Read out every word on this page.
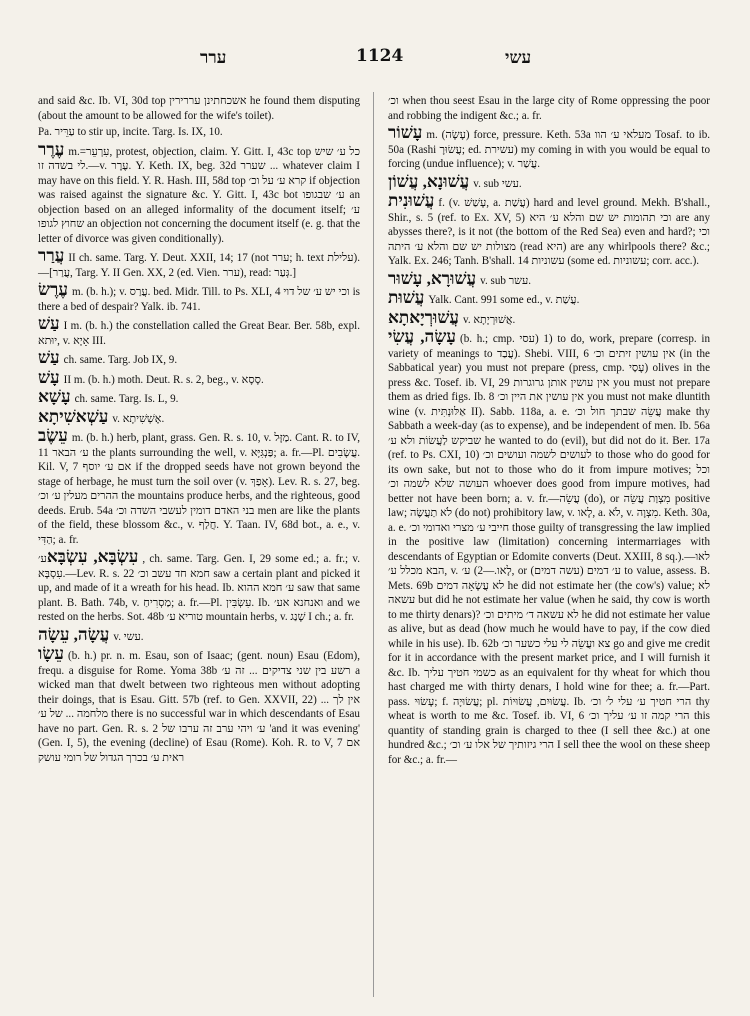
ערר	1124	עשי

and said &c. Ib. VI, 30d top אשכחתינן עררירין he found them disputing (about the amount to be allowed for the wife's toilet).

Pa. עַרֵּיר to stir up, incite. Targ. Is. IX, 10.

עֶרֶר m.=עִרְעֵר, protest, objection, claim. Y. Gitt. I, 43c top כל ע׳ שיש לי בשדה זו.—v. עֶרֶר. Y. Keth. IX, beg. 32d שערר ... whatever claim I may have on this field. Y. R. Hash. III, 58d top קרא ע׳ על וכ׳ if objection was raised against the signature &c. Y. Gitt. I, 43c bot ע׳ שבגופו an objection based on an alleged informality of the document itself; ע׳ שחוץ לגופו an objection not concerning the document itself (e. g. that the letter of divorce was given conditionally).

עֲרַר II ch. same. Targ. Y. Deut. XXII, 14; 17 (not ערר; h. text עלילת).—[עֲרַר, Targ. Y. II Gen. XX, 2 (ed. Vien. ערר), read: גְּעַר.]

עֶרֶשׂ m. (b. h.); v. עֲרַס. bed. Midr. Till. to Ps. XLI, 4 וכי יש ע׳ של דוי is there a bed of despair? Yalk. ib. 741.

עַשׁ I m. (b. h.) the constellation called the Great Bear. Ber. 58b, expl. יוּתא, v. אָיָא III.

עַשׁ ch. same. Targ. Job IX, 9.

עָשׁ II m. (b. h.) moth. Deut. R. s. 2, beg., v. סָסָא.

עָשָׁא ch. same. Targ. Is. L, 9.

עַשְׁאשִׁיתָא v. אֶשְׁשִׁיתָא.

עֵשֶׂב m. (b. h.) herb, plant, grass. Gen. R. s. 10, v. מַזָּל. Cant. R. to IV, 11 ע׳ הבאר the plants surrounding the well, v. פַּנְגִּיָּא; a. fr.—Pl. עֲשָׂבִים. Kil. V, 7 אם ע׳ יוסף if the dropped seeds have not grown beyond the stage of herbage, he must turn the soil over (v. אָפַךְ). Lev. R. s. 27, beg. ההרים מעלין ע׳ וכ׳ the mountains produce herbs, and the righteous, good deeds. Erub. 54a בני האדם דומין לעשבי השדה וכ׳ men are like the plants of the field, these blossom &c., v. חֲלַף. Y. Taan. IV, 68d bot., a. e., v. הַדִּי; a. fr.

עִשְׂבָּא, עִשְׂבָּאע׳, ch. same. Targ. Gen. I, 29 some ed.; a. fr.; v. עִסְבָּא.—Lev. R. s. 22 חמא חד עשב וכ׳ saw a certain plant and picked it up, and made of it a wreath for his head. Ib. ע׳ חמא ההוא saw that same plant. B. Bath. 74b, v. מַסְרִיחַ; a. fr.—Pl. עִשְׂבִּין. Ib. ואנחנא אע׳ and we rested on the herbs. Sot. 48b טוריא ע׳ mountain herbs, v. שָׁנַג I ch.; a. fr.

עֲשָׂה, עֵשָׂה v. עשי.

עֵשָׂו (b. h.) pr. n. m. Esau, son of Isaac; (gent. noun) Esau (Edom), frequ. a disguise for Rome. Yoma 38b רשע בין שני צדיקים ... זה ע׳ a wicked man that dwelt between two righteous men without adopting their doings, that is Esau. Gitt. 57b (ref. to Gen. XXVII, 22) ... אין לך מלחמה ... של ע׳ there is no successful war in which descendants of Esau have no part. Gen. R. s. 2 ע׳ ויהי ערב זה ערבו של 'and it was evening' (Gen. I, 5), the evening (decline) of Esau (Rome). Koh. R. to V, 7 אם ראית ע׳ בכרך הגדול של רומי עושק

וכ׳ when thou seest Esau in the large city of Rome oppressing the poor and robbing the indigent &c.; a. fr.

עָשׁוֹר m. (עָשָׂה) force, pressure. Keth. 53a מעלאי ע׳ הוו Tosaf. to ib. 50a (Rashi עֲשׂוּרָ; ed. עשירת) my coming in with you would be equal to forcing (undue influence); v. עֲשַׁר.

עֲשׁוּנָא, עֲשׁוֹן v. sub עשי.

עֲשׁוּנִית f. (v. עָשַׁשׁ, a. עֲשַׁת) hard and level ground. Mekh. B'shall., Shir., s. 5 (ref. to Ex. XV, 5) וכי תהומות יש שם והלא ע׳ היא are any abysses there?, is it not (the bottom of the Red Sea) even and hard?; וכי מצולות יש שם והלא ע׳ היתה (read היא) are any whirlpools there? &c.; Yalk. Ex. 246; Tanh. B'shall. 14 עשוניות (some ed. עשוניות; corr. acc.).

עֲשׁוּרָא, עָשׁוּר v. sub עשר.

עֲשׁוּת Yalk. Cant. 991 some ed., v. עֲשַׁת.

עֲשׁוּרְיָאתָא v. אֲשׁוּרְיָתָא.

עָשָׂה, עֲשִׂי (b. h.; cmp. עסי) 1) to do, work, prepare (corresp. in variety of meanings to עֲבַד). Shebi. VIII, 6 אין עושין זיתים וכ׳ (in the Sabbatical year) you must not prepare (press, cmp. עָסַי) olives in the press &c. Tosef. ib. VI, 29 אין עושין אותן גרוגרות you must not prepare them as dried figs. Ib. 8 אין עושין את היין וכ׳ you must not make dluntith wine (v. אַלּוּנְתִּית II). Sabb. 118a, a. e. עֲשֵׂה שבתך חול וכ׳ make thy Sabbath a week-day (as to expense), and be independent of men. Ib. 56a שביקש לַעֲשׂוֹת ולא ע׳ he wanted to do (evil), but did not do it. Ber. 17a (ref. to Ps. CXI, 10) לעושים לשמה ועושים וכ׳ to those who do good for its own sake, but not to those who do it from impure motives; וכל העושה שלא לשמה וכ׳ whoever does good from impure motives, had better not have been born; a. v. fr.—עֲשֵׂה (do), or מִצְוַת עֲשֵׂה positive law; לֹא תַעֲשֶׂה (do not) prohibitory law, v. לָאו, a. לֹא, v. מִצְוָה. Keth. 30a, a. e. חייבי ע׳ מצרי ואדומי וכ׳ those guilty of transgressing the law implied in the positive law (limitation) concerning intermarriages with descendants of Egyptian or Edomite converts (Deut. XXIII, 8 sq.).—לאו הבא מכלל ע׳, v. לָאו.—2) ע׳, or ע׳ דמים (עשה דמים) to value, assess. B. Mets. 69b לא עֲשָׂאָה דמים he did not estimate her (the cow's) value; לא עשאה but did he not estimate her value (when he said, thy cow is worth to me thirty denars)? לא עשאה ד׳ מיתים וכ׳ he did not estimate her value as alive, but as dead (how much he would have to pay, if the cow died while in his use). Ib. 62b צא ועֲשֵׂה לי עלי כשער וכ׳ go and give me credit for it in accordance with the present market price, and I will furnish it &c. Ib. כשמי חטיך עליך as an equivalent for thy wheat for which thou hast charged me with thirty denars, I hold wine for thee; a. fr.—Part. pass. עָשׂוּי; f. עֲשׂוּיָה; pl. עֲשׂוּיִם, עֲשׂוּיוֹת. Ib. הרי חטיך ע׳ עלי ל׳ וכ׳ thy wheat is worth to me &c. Tosef. ib. VI, 6 הרי קמה זו ע׳ עליך וכ׳ this quantity of standing grain is charged to thee (I sell thee &c.) at one hundred &c.; הרי גיזותיך של אלו ע׳ וכ׳ I sell thee the wool on these sheep for &c.; a. fr.—
